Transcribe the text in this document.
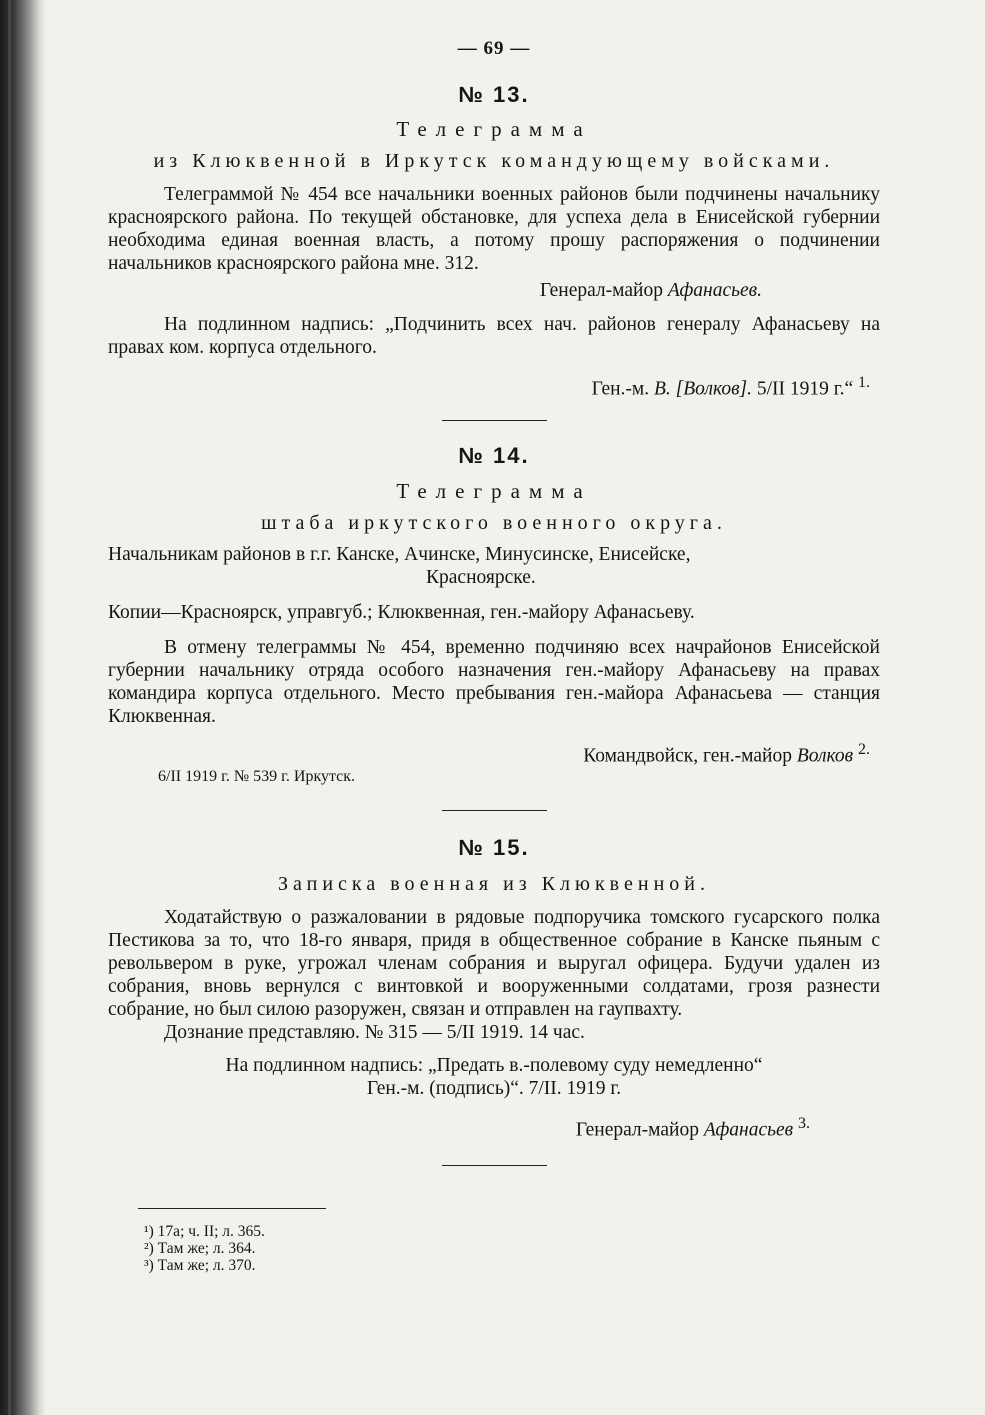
— 69 —
№ 13.
Телеграмма
из Клюквенной в Иркутск командующему войсками.

Телеграммой № 454 все начальники военных районов были подчинены начальнику красноярского района. По текущей обстановке, для успеха дела в Енисейской губернии необходима единая военная власть, а потому прошу распоряжения о подчинении начальников красноярского района мне. 312.

Генерал-майор Афанасьев.

На подлинном надпись: „Подчинить всех нач. районов генералу Афанасьеву на правах ком. корпуса отдельного.

Ген.-м. В. [Волков]. 5/II 1919 г.“ $^{1.}$
№ 14.
Телеграмма
штаба иркутского военного округа.

Начальникам районов в г.г. Канске, Ачинске, Минусинске, Енисейске,

Красноярске.

Копии—Красноярск, управгуб.; Клюквенная, ген.-майору Афанасьеву.

В отмену телеграммы № 454, временно подчиняю всех начрайонов Енисейской губернии начальнику отряда особого назначения ген.-майору Афанасьеву на правах командира корпуса отдельного. Место пребывания ген.-майора Афанасьева — станция Клюквенная.

Командвойск, ген.-майор Волков $^{2.}$
6/II 1919 г. № 539 г. Иркутск.
№ 15.
Записка военная из Клюквенной.

Ходатайствую о разжаловании в рядовые подпоручика томского гусарского полка Пестикова за то, что 18-го января, придя в общественное собрание в Канске пьяным с револьвером в руке, угрожал членам собрания и выругал офицера. Будучи удален из собрания, вновь вернулся с винтовкой и вооруженными солдатами, грозя разнести собрание, но был силою разоружен, связан и отправлен на гаупвахту.

Дознание представляю. № 315 — 5/II 1919. 14 час.

На подлинном надпись: „Предать в.-полевому суду немедленно“
Ген.-м. (подпись)“. 7/II. 1919 г.
Генерал-майор Афанасьев $^{3.}$
¹) 17а; ч. II; л. 365.
²) Там же; л. 364.
³) Там же; л. 370.
